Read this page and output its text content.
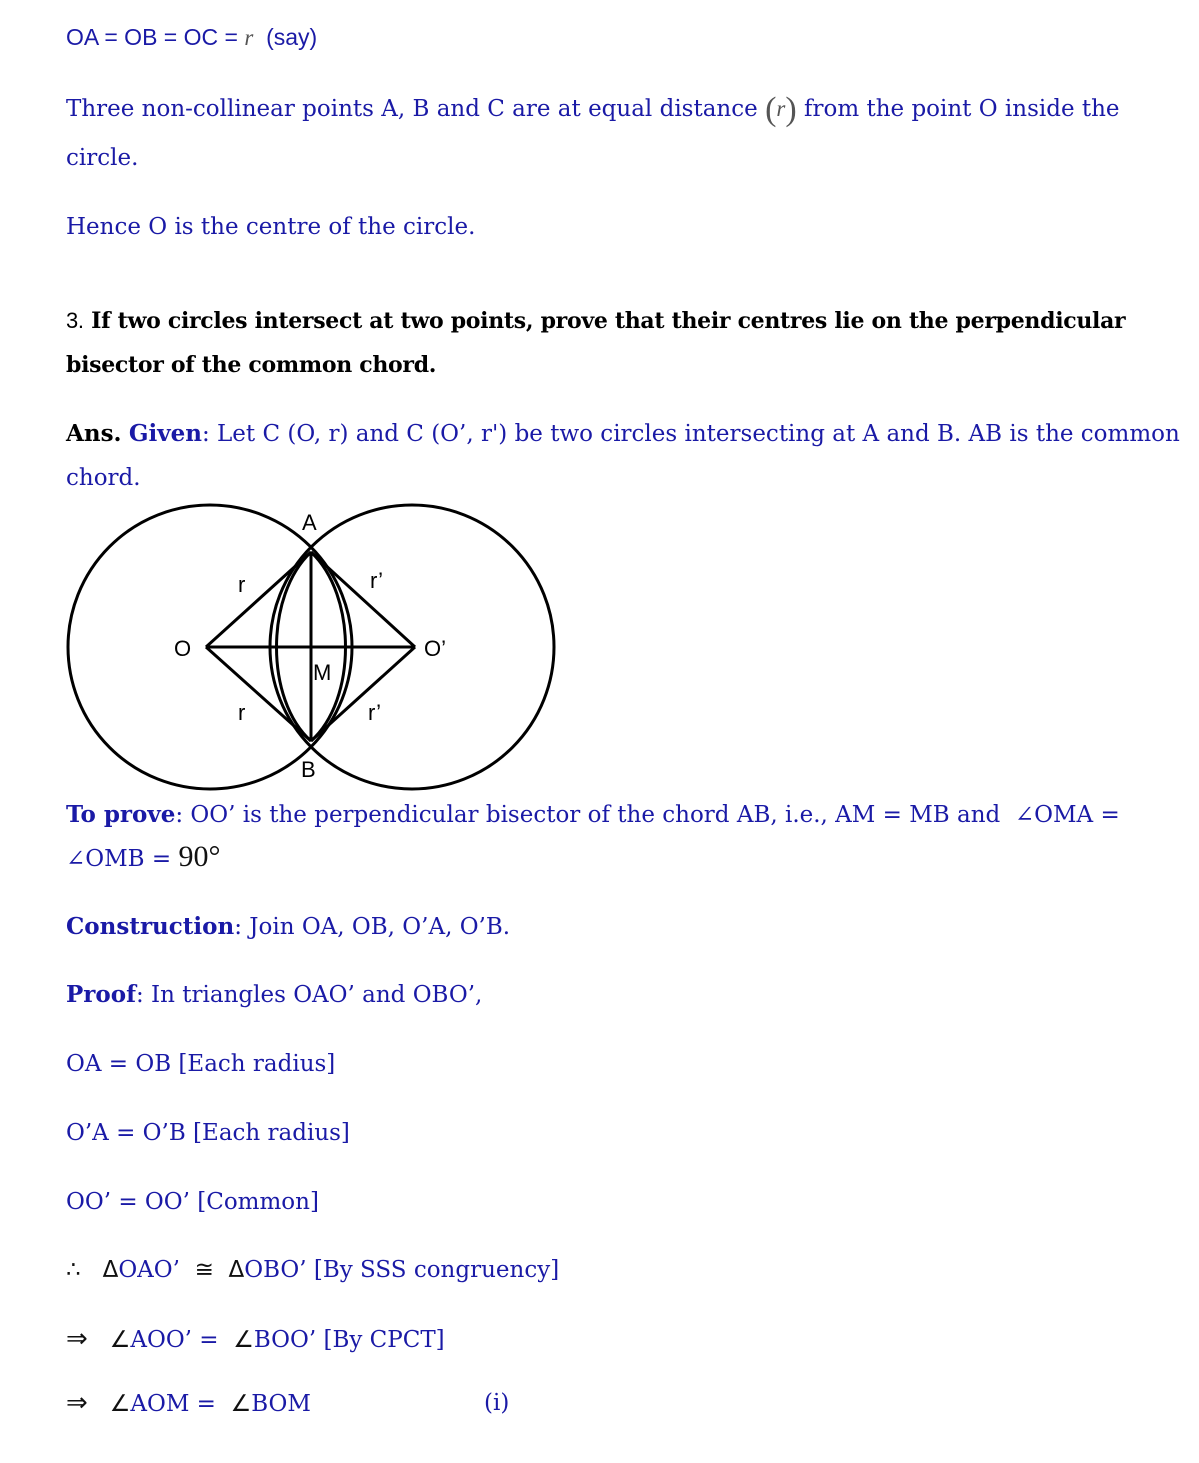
OA = OB = OC = r (say)
Three non-collinear points A, B and C are at equal distance (r) from the point O inside the
circle.
Hence O is the centre of the circle.
3. If two circles intersect at two points, prove that their centres lie on the perpendicular
bisector of the common chord.
Ans. Given: Let C (O, r) and C (O’, r') be two circles intersecting at A and B. AB is the common
chord.
A
B
O	O’
M
r	r’
r	r’
To prove: OO’ is the perpendicular bisector of the chord AB, i.e., AM = MB and ∠OMA =
∠OMB = 90°
Construction: Join OA, OB, O’A, O’B.
Proof: In triangles OAO’ and OBO’,
OA = OB [Each radius]
O’A = O’B [Each radius]
OO’ = OO’ [Common]
∴ ΔOAO’ ≅ ΔOBO’ [By SSS congruency]
⇒ ∠AOO’ = ∠BOO’ [By CPCT]
⇒ ∠AOM = ∠BOM	(i)
